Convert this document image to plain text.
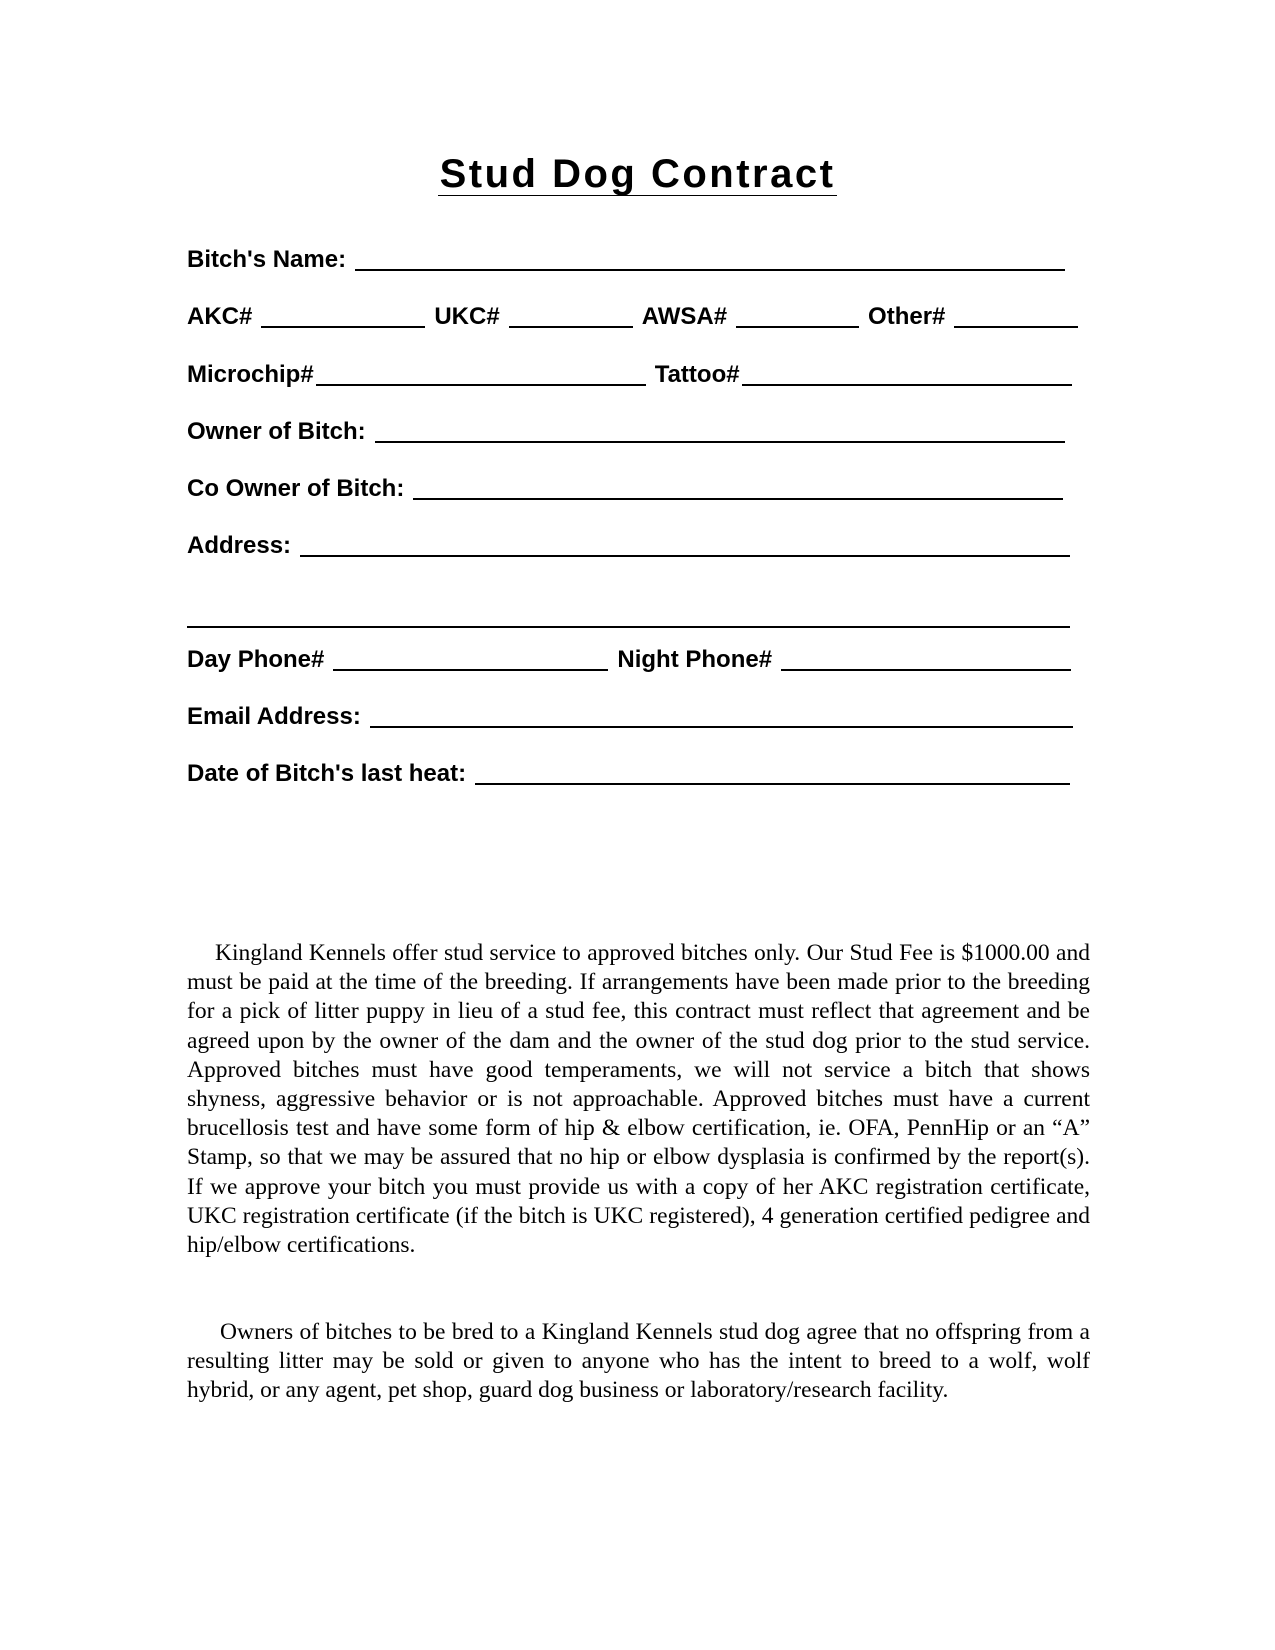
Stud Dog Contract
Bitch's Name:
AKC#	UKC#	AWSA#	Other#
Microchip#	Tattoo#
Owner of Bitch:
Co Owner of Bitch:
Address:
Day Phone#	Night Phone#
Email Address:
Date of Bitch's last heat:

Kingland Kennels offer stud service to approved bitches only. Our Stud Fee is $1000.00 and must be paid at the time of the breeding. If arrangements have been made prior to the breeding for a pick of litter puppy in lieu of a stud fee, this contract must reflect that agreement and be agreed upon by the owner of the dam and the owner of the stud dog prior to the stud service. Approved bitches must have good temperaments, we will not service a bitch that shows shyness, aggressive behavior or is not approachable. Approved bitches must have a current brucellosis test and have some form of hip & elbow certification, ie. OFA, PennHip or an “A” Stamp, so that we may be assured that no hip or elbow dysplasia is confirmed by the report(s). If we approve your bitch you must provide us with a copy of her AKC registration certificate, UKC registration certificate (if the bitch is UKC registered), 4 generation certified pedigree and hip/elbow certifications.

Owners of bitches to be bred to a Kingland Kennels stud dog agree that no offspring from a resulting litter may be sold or given to anyone who has the intent to breed to a wolf, wolf hybrid, or any agent, pet shop, guard dog business or laboratory/research facility.
